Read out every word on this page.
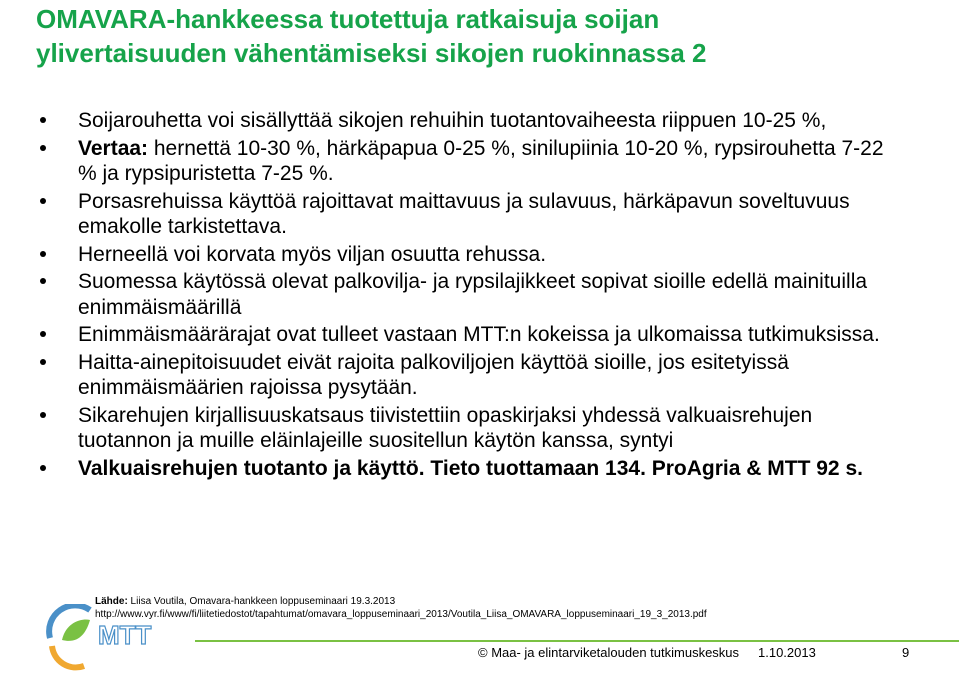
OMAVARA-hankkeessa tuotettuja ratkaisuja soijan
ylivertaisuuden vähentämiseksi sikojen ruokinnassa 2
Soijarouhetta voi sisällyttää sikojen rehuihin tuotantovaiheesta riippuen 10-25 %,
Vertaa: hernettä 10-30 %, härkäpapua 0-25 %, sinilupiinia 10-20 %, rypsirouhetta 7-22 % ja rypsipuristetta 7-25 %.
Porsasrehuissa käyttöä rajoittavat maittavuus ja sulavuus, härkäpavun soveltuvuus emakolle tarkistettava.
Herneellä voi korvata myös viljan osuutta rehussa.
Suomessa käytössä olevat palkovilja- ja rypsilajikkeet sopivat sioille edellä mainituilla enimmäismäärillä
Enimmäismäärärajat ovat tulleet vastaan MTT:n kokeissa ja ulkomaissa tutkimuksissa.
Haitta-ainepitoisuudet eivät rajoita palkoviljojen käyttöä sioille, jos esitetyissä enimmäismäärien rajoissa pysytään.
Sikarehujen kirjallisuuskatsaus tiivistettiin opaskirjaksi yhdessä valkuaisrehujen tuotannon ja muille eläinlajeille suositellun käytön kanssa, syntyi
Valkuaisrehujen tuotanto ja käyttö. Tieto tuottamaan 134. ProAgria & MTT 92 s.
Lähde: Liisa Voutila, Omavara-hankkeen loppuseminaari 19.3.2013
http://www.vyr.fi/www/fi/liitetiedostot/tapahtumat/omavara_loppuseminaari_2013/Voutila_Liisa_OMAVARA_loppuseminaari_19_3_2013.pdf
MTT
© Maa- ja elintarviketalouden tutkimuskeskus 1.10.2013	9
